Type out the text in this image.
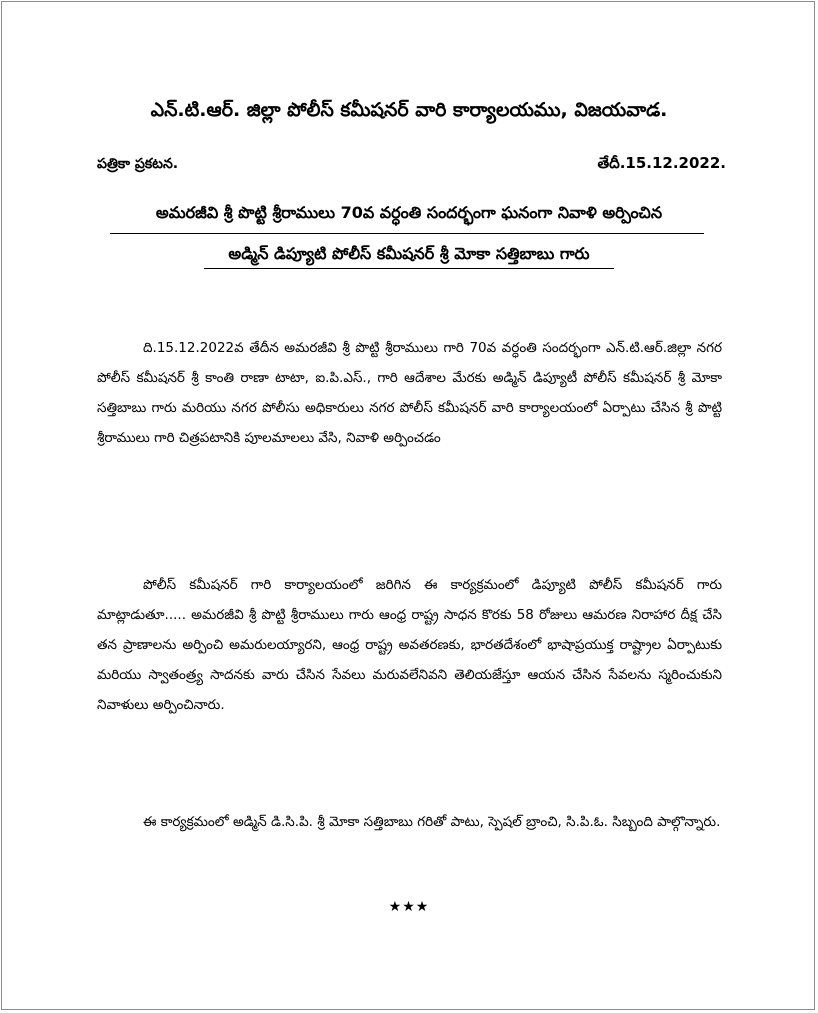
ఎన్.టి.ఆర్. జిల్లా పోలీస్ కమీషనర్ వారి కార్యాలయము, విజయవాడ.
పత్రికా ప్రకటన.	తేదీ.15.12.2022.
అమరజీవి శ్రీ పొట్టి శ్రీరాములు 70వ వర్ధంతి సందర్భంగా ఘనంగా నివాళి అర్పించిన
అడ్మిన్ డిప్యూటి పోలీస్ కమీషనర్ శ్రీ మోకా సత్తిబాబు గారు
ది.15.12.2022వ తేదీన అమరజీవి శ్రీ పొట్టి శ్రీరాములు గారి 70వ వర్ధంతి సందర్భంగా ఎన్.టి.ఆర్.జిల్లా నగర పోలీస్ కమీషనర్ శ్రీ కాంతి రాణా టాటా, ఐ.పి.ఎస్., గారి ఆదేశాల మేరకు అడ్మిన్ డిప్యూటీ పోలీస్ కమీషనర్ శ్రీ మోకా సత్తిబాబు గారు మరియు నగర పోలీసు అధికారులు నగర పోలీస్ కమీషనర్ వారి కార్యాలయంలో ఏర్పాటు చేసిన శ్రీ పొట్టి శ్రీరాములు గారి చిత్రపటానికి పూలమాలలు వేసి, నివాళి అర్పించడం
పోలీస్ కమీషనర్ గారి కార్యాలయంలో జరిగిన ఈ కార్యక్రమంలో డిప్యూటి పోలీస్ కమీషనర్ గారు మాట్లాడుతూ..... అమరజీవి శ్రీ పొట్టి శ్రీరాములు గారు ఆంధ్ర రాష్ట్ర సాధన కొరకు 58 రోజులు ఆమరణ నిరాహార దీక్ష చేసి తన ప్రాణాలను అర్పించి అమరులయ్యారని, ఆంధ్ర రాష్ట్ర అవతరణకు, భారతదేశంలో భాషాప్రయుక్త రాష్ట్రాల ఏర్పాటుకు మరియు స్వాతంత్ర్య సాదనకు వారు చేసిన సేవలు మరువలేనివని తెలియజేస్తూ ఆయన చేసిన సేవలను స్మరించుకుని నివాళులు అర్పించినారు.
ఈ కార్యక్రమంలో అడ్మిన్ డి.సి.పి. శ్రీ మోకా సత్తిబాబు గరితో పాటు, స్పెషల్ బ్రాంచి, సి.పి.ఓ. సిబ్బంది పాల్గొన్నారు.
★★★
